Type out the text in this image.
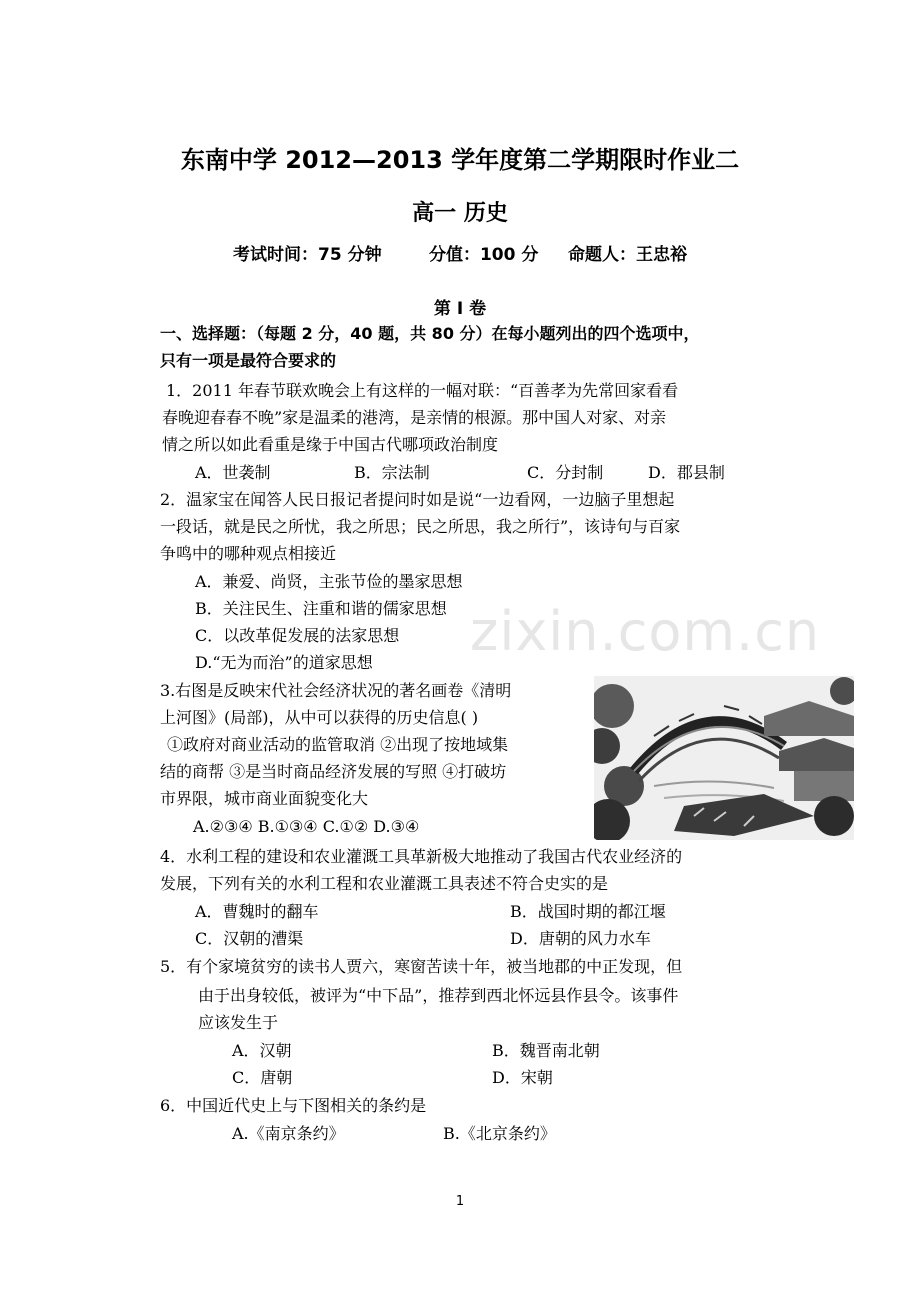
东南中学 2012—2013 学年度第二学期限时作业二
高一 历史
考试时间：75 分钟        分值：100 分     命题人：王忠裕
第 Ⅰ 卷
一、选择题：（每题 2 分，40 题，共 80 分）在每小题列出的四个选项中，
只有一项是最符合要求的
1．2011 年春节联欢晚会上有这样的一幅对联：“百善孝为先常回家看看
春晚迎春春不晚”家是温柔的港湾，是亲情的根源。那中国人对家、对亲
情之所以如此看重是缘于中国古代哪项政治制度
A．世袭制	B．宗法制	C．分封制	D．郡县制
2．温家宝在闻答人民日报记者提问时如是说“一边看网，一边脑子里想起
一段话，就是民之所忧，我之所思；民之所思，我之所行”，该诗句与百家
争鸣中的哪种观点相接近
A．兼爱、尚贤，主张节俭的墨家思想
B．关注民生、注重和谐的儒家思想
C．以改革促发展的法家思想
D.“无为而治”的道家思想 zixin.com.cn
3.右图是反映宋代社会经济状况的著名画卷《清明
上河图》(局部)，从中可以获得的历史信息( )
①政府对商业活动的监管取消 ②出现了按地域集
结的商帮 ③是当时商品经济发展的写照 ④打破坊
市界限，城市商业面貌变化大
A.②③④ B.①③④ C.①② D.③④
4．水利工程的建设和农业灌溉工具革新极大地推动了我国古代农业经济的
发展，下列有关的水利工程和农业灌溉工具表述不符合史实的是
A．曹魏时的翻车	B．战国时期的都江堰
C．汉朝的漕渠	D．唐朝的风力水车
5．有个家境贫穷的读书人贾六，寒窗苦读十年，被当地郡的中正发现，但
由于出身较低，被评为“中下品”，推荐到西北怀远县作县令。该事件
应该发生于
A．汉朝	B．魏晋南北朝
C．唐朝	D．宋朝
6．中国近代史上与下图相关的条约是
A.《南京条约》	B.《北京条约》
1
